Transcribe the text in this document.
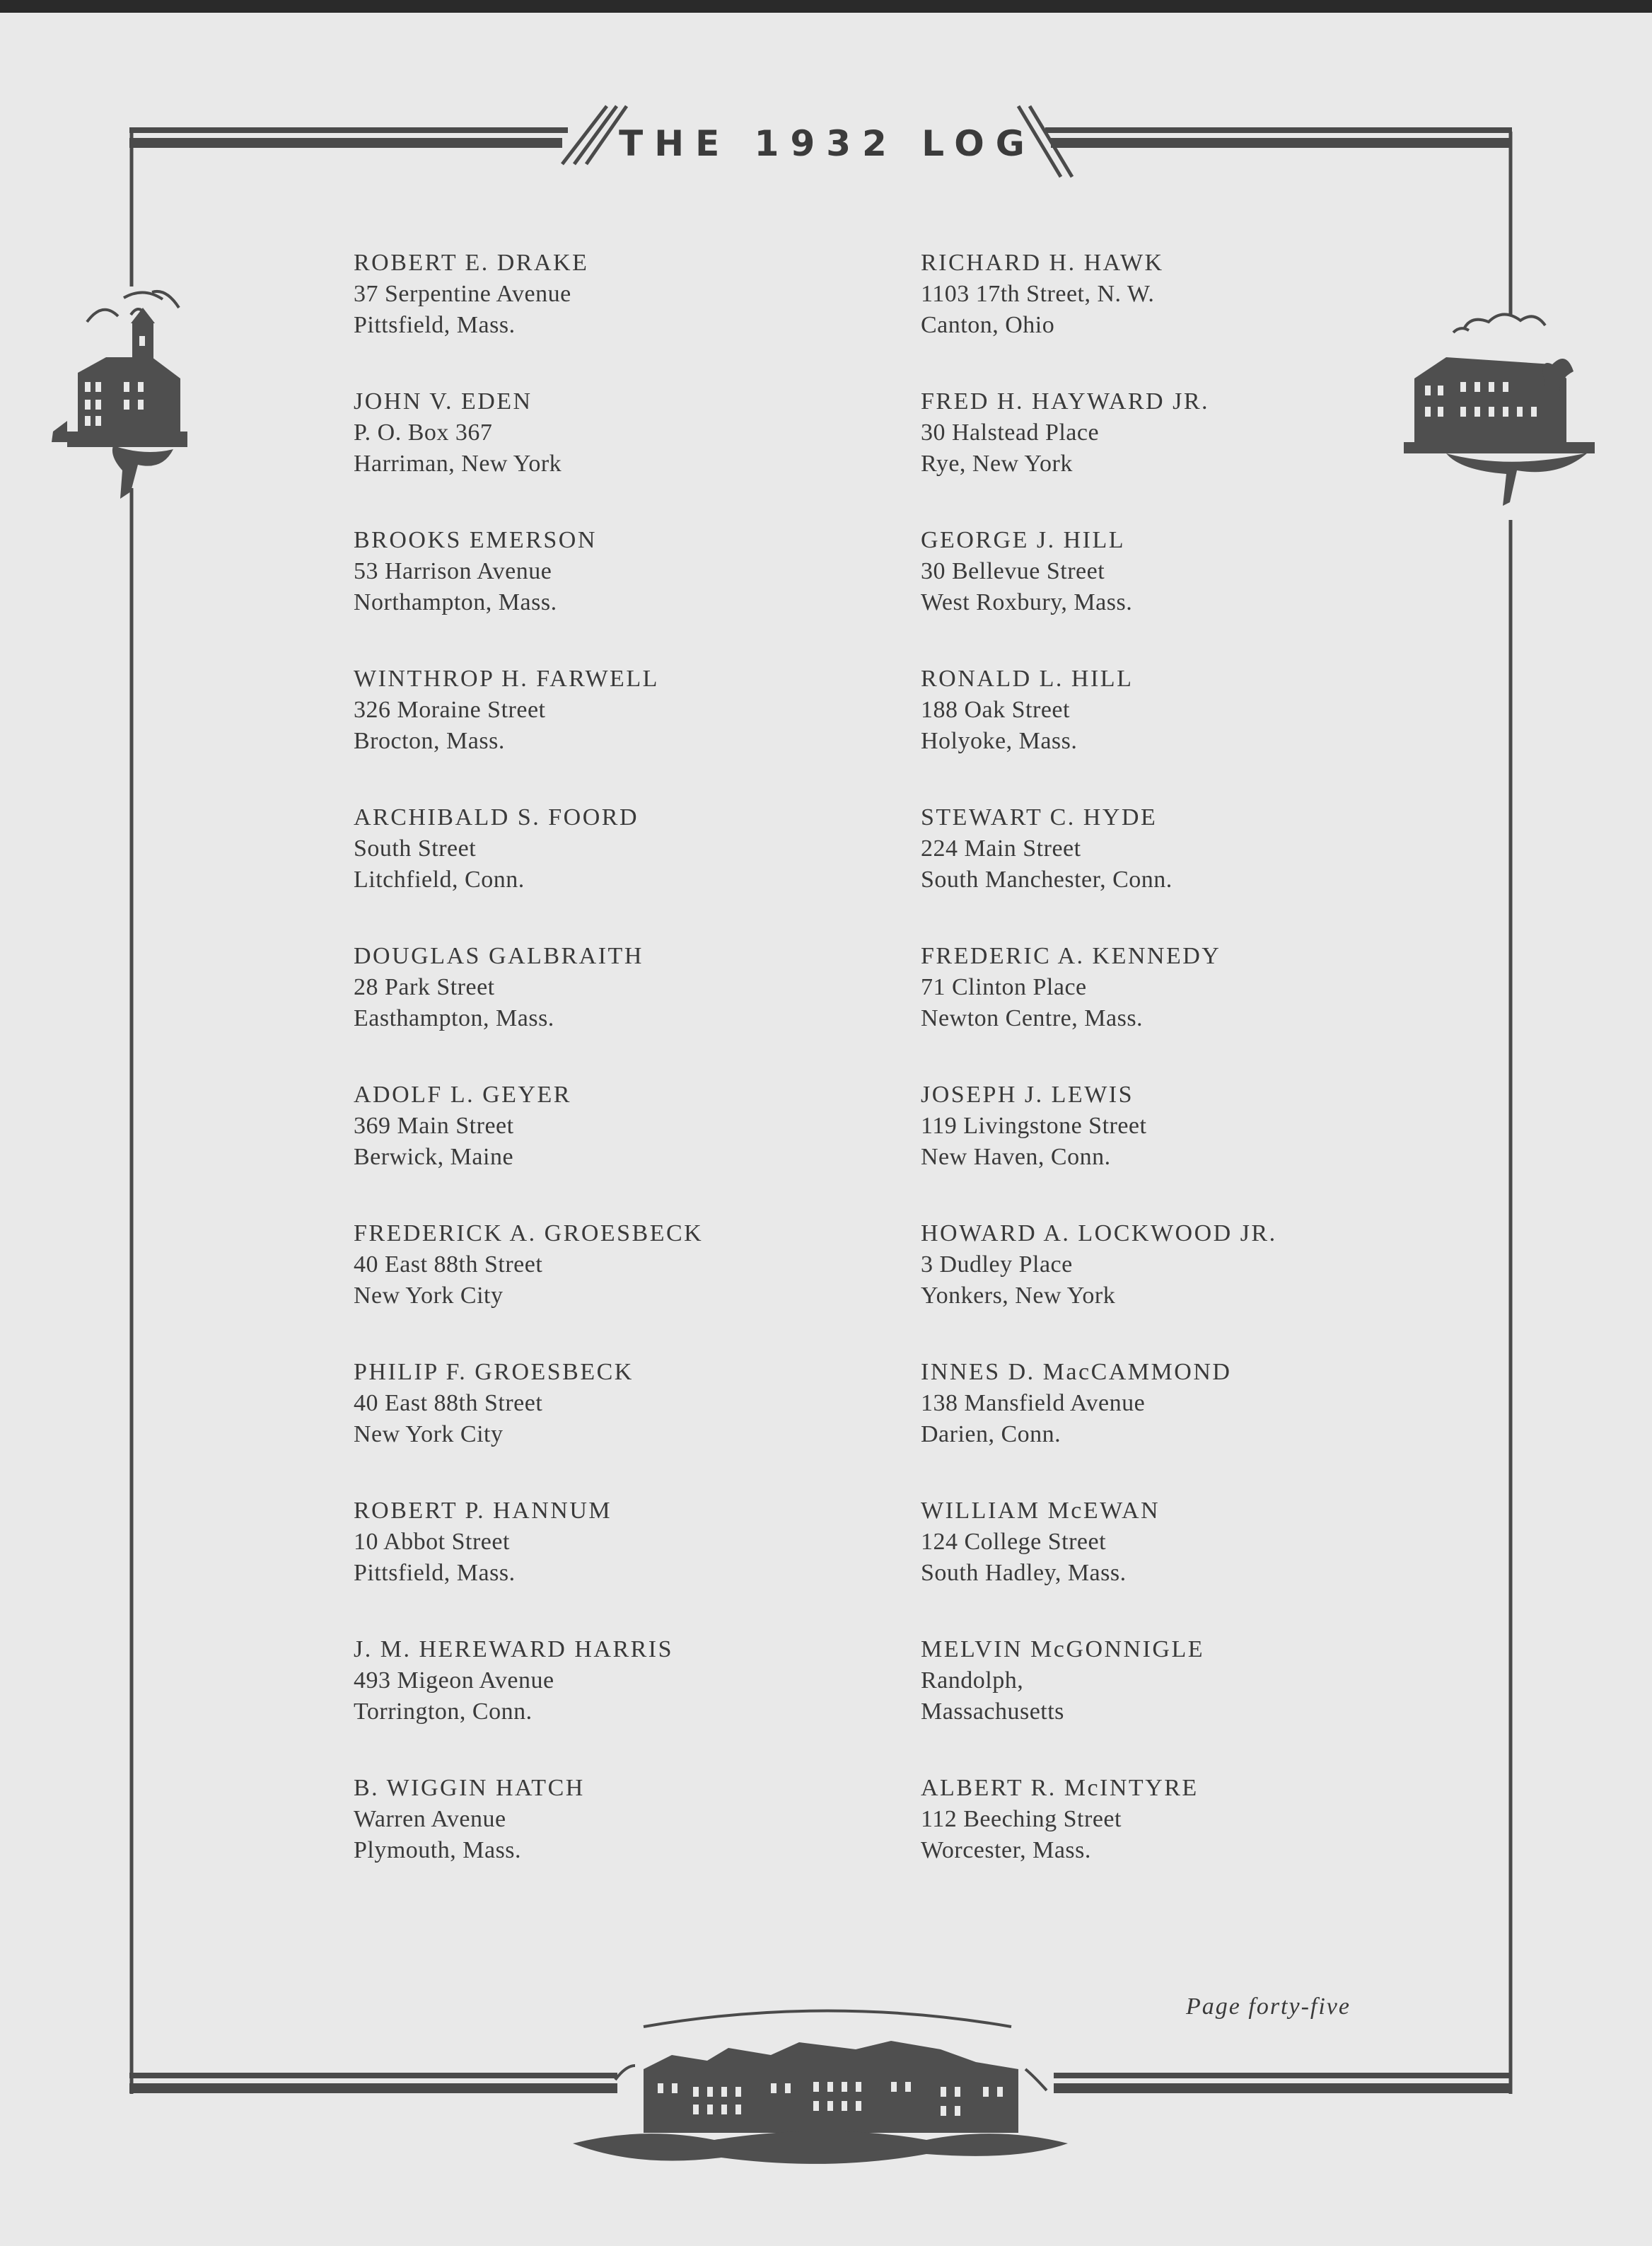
THE 1932 LOG
ROBERT E. DRAKE
37 Serpentine Avenue
Pittsfield, Mass.
JOHN V. EDEN
P. O. Box 367
Harriman, New York
BROOKS EMERSON
53 Harrison Avenue
Northampton, Mass.
WINTHROP H. FARWELL
326 Moraine Street
Brocton, Mass.
ARCHIBALD S. FOORD
South Street
Litchfield, Conn.
DOUGLAS GALBRAITH
28 Park Street
Easthampton, Mass.
ADOLF L. GEYER
369 Main Street
Berwick, Maine
FREDERICK A. GROESBECK
40 East 88th Street
New York City
PHILIP F. GROESBECK
40 East 88th Street
New York City
ROBERT P. HANNUM
10 Abbot Street
Pittsfield, Mass.
J. M. HEREWARD HARRIS
493 Migeon Avenue
Torrington, Conn.
B. WIGGIN HATCH
Warren Avenue
Plymouth, Mass.
RICHARD H. HAWK
1103 17th Street, N. W.
Canton, Ohio
FRED H. HAYWARD JR.
30 Halstead Place
Rye, New York
GEORGE J. HILL
30 Bellevue Street
West Roxbury, Mass.
RONALD L. HILL
188 Oak Street
Holyoke, Mass.
STEWART C. HYDE
224 Main Street
South Manchester, Conn.
FREDERIC A. KENNEDY
71 Clinton Place
Newton Centre, Mass.
JOSEPH J. LEWIS
119 Livingstone Street
New Haven, Conn.
HOWARD A. LOCKWOOD JR.
3 Dudley Place
Yonkers, New York
INNES D. MacCAMMOND
138 Mansfield Avenue
Darien, Conn.
WILLIAM McEWAN
124 College Street
South Hadley, Mass.
MELVIN McGONNIGLE
Randolph,
Massachusetts
ALBERT R. McINTYRE
112 Beeching Street
Worcester, Mass.
Page forty-five
